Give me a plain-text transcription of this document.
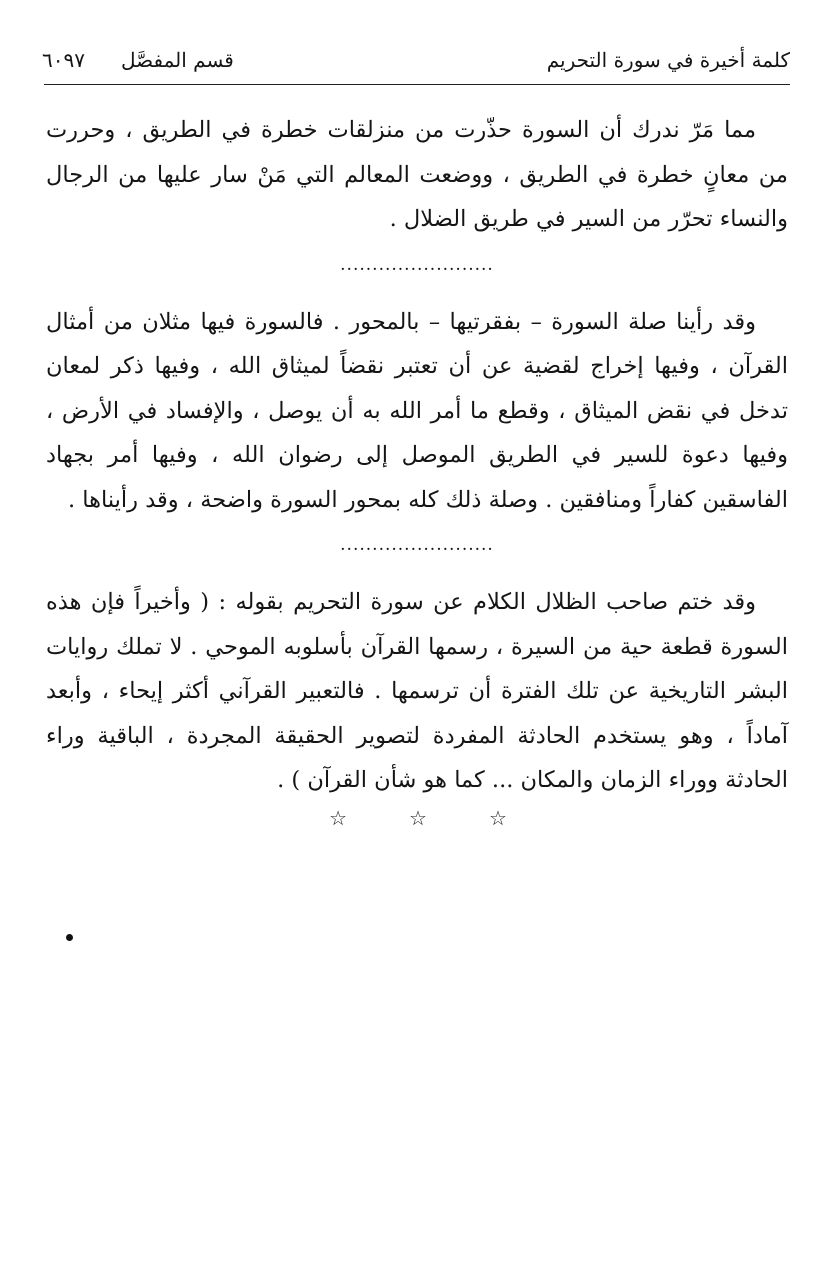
كلمة أخيرة في سورة التحريم
قسم المفصَّل
٦٠٩٧

مما مَرّ ندرك أن السورة حذّرت من منزلقات خطرة في الطريق ، وحررت من معانٍ خطرة في الطريق ، ووضعت المعالم التي مَنْ سار عليها من الرجال والنساء تحرّر من السير في طريق الضلال .

........................

وقد رأينا صلة السورة – بفقرتيها – بالمحور . فالسورة فيها مثلان من أمثال القرآن ، وفيها إخراج لقضية عن أن تعتبر نقضاً لميثاق الله ، وفيها ذكر لمعان تدخل في نقض الميثاق ، وقطع ما أمر الله به أن يوصل ، والإفساد في الأرض ، وفيها دعوة للسير في الطريق الموصل إلى رضوان الله ، وفيها أمر بجهاد الفاسقين كفاراً ومنافقين . وصلة ذلك كله بمحور السورة واضحة ، وقد رأيناها .

........................

وقد ختم صاحب الظلال الكلام عن سورة التحريم بقوله : ( وأخيراً فإن هذه السورة قطعة حية من السيرة ، رسمها القرآن بأسلوبه الموحي . لا تملك روايات البشر التاريخية عن تلك الفترة أن ترسمها . فالتعبير القرآني أكثر إيحاء ، وأبعد آماداً ، وهو يستخدم الحادثة المفردة لتصوير الحقيقة المجردة ، الباقية وراء الحادثة ووراء الزمان والمكان ... كما هو شأن القرآن ) .

☆	☆	☆
